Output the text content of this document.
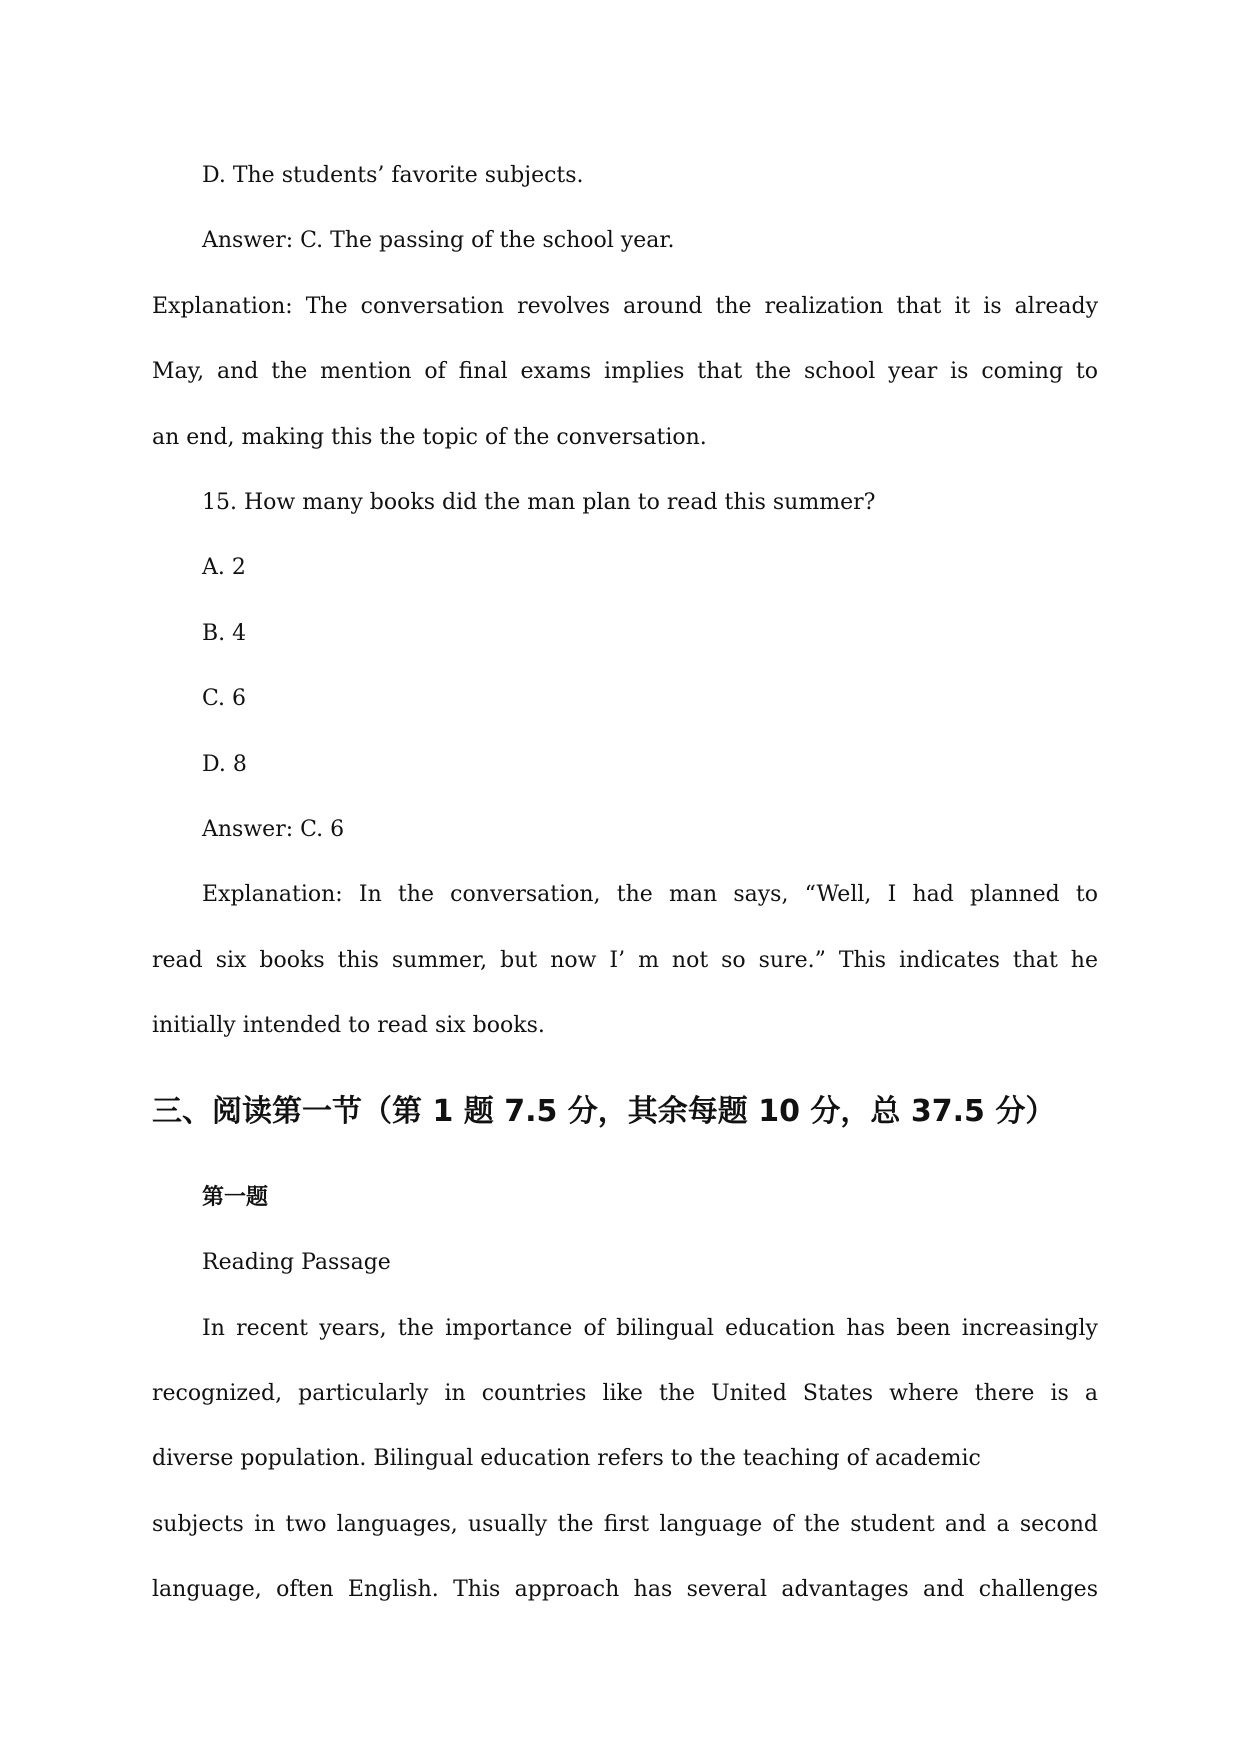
D. The students’ favorite subjects.

Answer: C. The passing of the school year.

Explanation: The conversation revolves around the realization that it is already

May, and the mention of final exams implies that the school year is coming to

an end, making this the topic of the conversation.

15. How many books did the man plan to read this summer?

A. 2

B. 4

C. 6

D. 8

Answer: C. 6

Explanation: In the conversation, the man says, “Well, I had planned to

read six books this summer, but now I’ m not so sure.” This indicates that he

initially intended to read six books.

三、阅读第一节（第 1 题 7.5 分，其余每题 10 分，总 37.5 分）

第一题

Reading Passage

In recent years, the importance of bilingual education has been increasingly

recognized, particularly in countries like the United States where there is a

diverse population. Bilingual education refers to the teaching of academic

subjects in two languages, usually the first language of the student and a second

language, often English. This approach has several advantages and challenges
